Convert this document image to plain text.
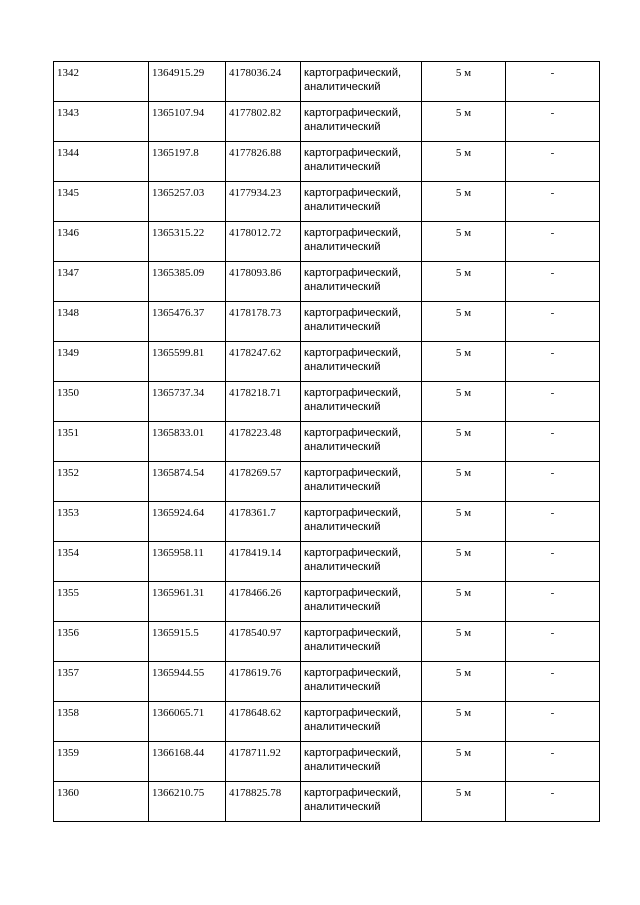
1342	1364915.29	4178036.24	картографический, аналитический	5 м	-
1343	1365107.94	4177802.82	картографический, аналитический	5 м	-
1344	1365197.8	4177826.88	картографический, аналитический	5 м	-
1345	1365257.03	4177934.23	картографический, аналитический	5 м	-
1346	1365315.22	4178012.72	картографический, аналитический	5 м	-
1347	1365385.09	4178093.86	картографический, аналитический	5 м	-
1348	1365476.37	4178178.73	картографический, аналитический	5 м	-
1349	1365599.81	4178247.62	картографический, аналитический	5 м	-
1350	1365737.34	4178218.71	картографический, аналитический	5 м	-
1351	1365833.01	4178223.48	картографический, аналитический	5 м	-
1352	1365874.54	4178269.57	картографический, аналитический	5 м	-
1353	1365924.64	4178361.7	картографический, аналитический	5 м	-
1354	1365958.11	4178419.14	картографический, аналитический	5 м	-
1355	1365961.31	4178466.26	картографический, аналитический	5 м	-
1356	1365915.5	4178540.97	картографический, аналитический	5 м	-
1357	1365944.55	4178619.76	картографический, аналитический	5 м	-
1358	1366065.71	4178648.62	картографический, аналитический	5 м	-
1359	1366168.44	4178711.92	картографический, аналитический	5 м	-
1360	1366210.75	4178825.78	картографический, аналитический	5 м	-
